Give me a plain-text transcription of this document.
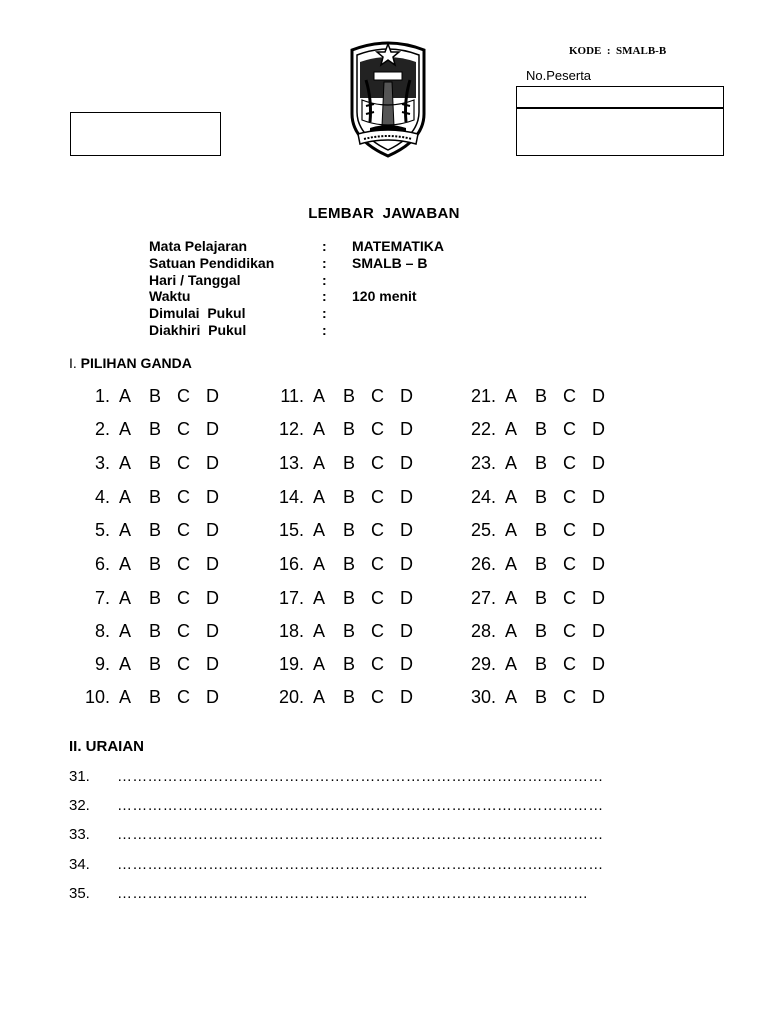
KODE  :  SMALB-B
No.Peserta
LEMBAR JAWABAN
Mata Pelajaran	: MATEMATIKA
Satuan Pendidikan	: SMALB – B
Hari / Tanggal	:
Waktu	: 120 menit
Dimulai  Pukul	:
Diakhiri  Pukul	:
I. PILIHAN GANDA
1. A B C D
2. A B C D
3. A B C D
4. A B C D
5. A B C D
6. A B C D
7. A B C D
8. A B C D
9. A B C D
10. A B C D
11. A B C D
12. A B C D
13. A B C D
14. A B C D
15. A B C D
16. A B C D
17. A B C D
18. A B C D
19. A B C D
20. A B C D
21. A B C D
22. A B C D
23. A B C D
24. A B C D
25. A B C D
26. A B C D
27. A B C D
28. A B C D
29. A B C D
30. A B C D
II. URAIAN
31. ……………………………………………………………………………………
32. ……………………………………………………………………………………
33. ……………………………………………………………………………………
34. ……………………………………………………………………………………
35. …………………………………………………………………………………
